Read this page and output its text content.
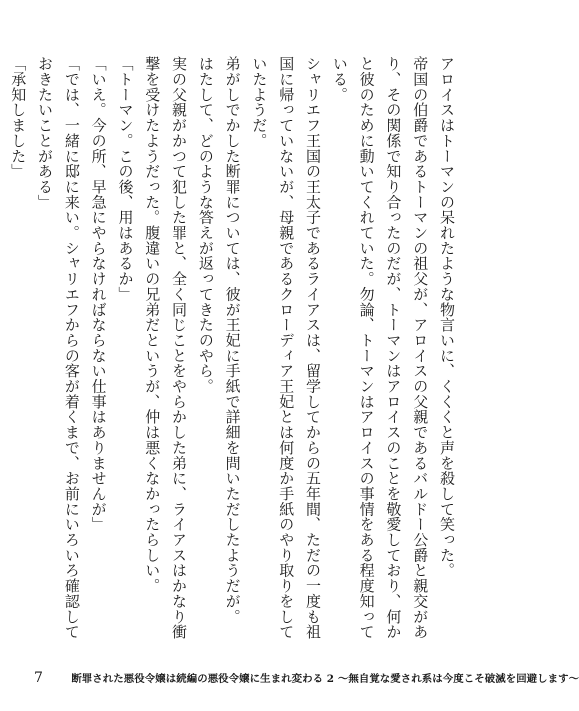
アロイスはトーマンの呆れたような物言いに、くくくと声を殺して笑った。

帝国の伯爵であるトーマンの祖父が、アロイスの父親であるバルドー公爵と親交があり、その関係で知り合ったのだが、トーマンはアロイスのことを敬愛しており、何かと彼のために動いてくれていた。勿論、トーマンはアロイスの事情をある程度知っている。

シャリエフ王国の王太子であるライアスは、留学してからの五年間、ただの一度も祖国に帰っていないが、母親であるクローディア王妃とは何度か手紙のやり取りをしていたようだ。

弟がしでかした断罪については、彼が王妃に手紙で詳細を問いただしたようだが。

はたして、どのような答えが返ってきたのやら。

実の父親がかつて犯した罪と、全く同じことをやらかした弟に、ライアスはかなり衝撃を受けたようだった。腹違いの兄弟だというが、仲は悪くなかったらしい。

「トーマン。この後、用はあるか」

「いえ。今の所、早急にやらなければならない仕事はありませんが」

「では、一緒に邸に来い。シャリエフからの客が着くまで、お前にいろいろ確認しておきたいことがある」

「承知しました」

7	断罪された悪役令嬢は続編の悪役令嬢に生まれ変わる 2 〜無自覚な愛され系は今度こそ破滅を回避します〜
